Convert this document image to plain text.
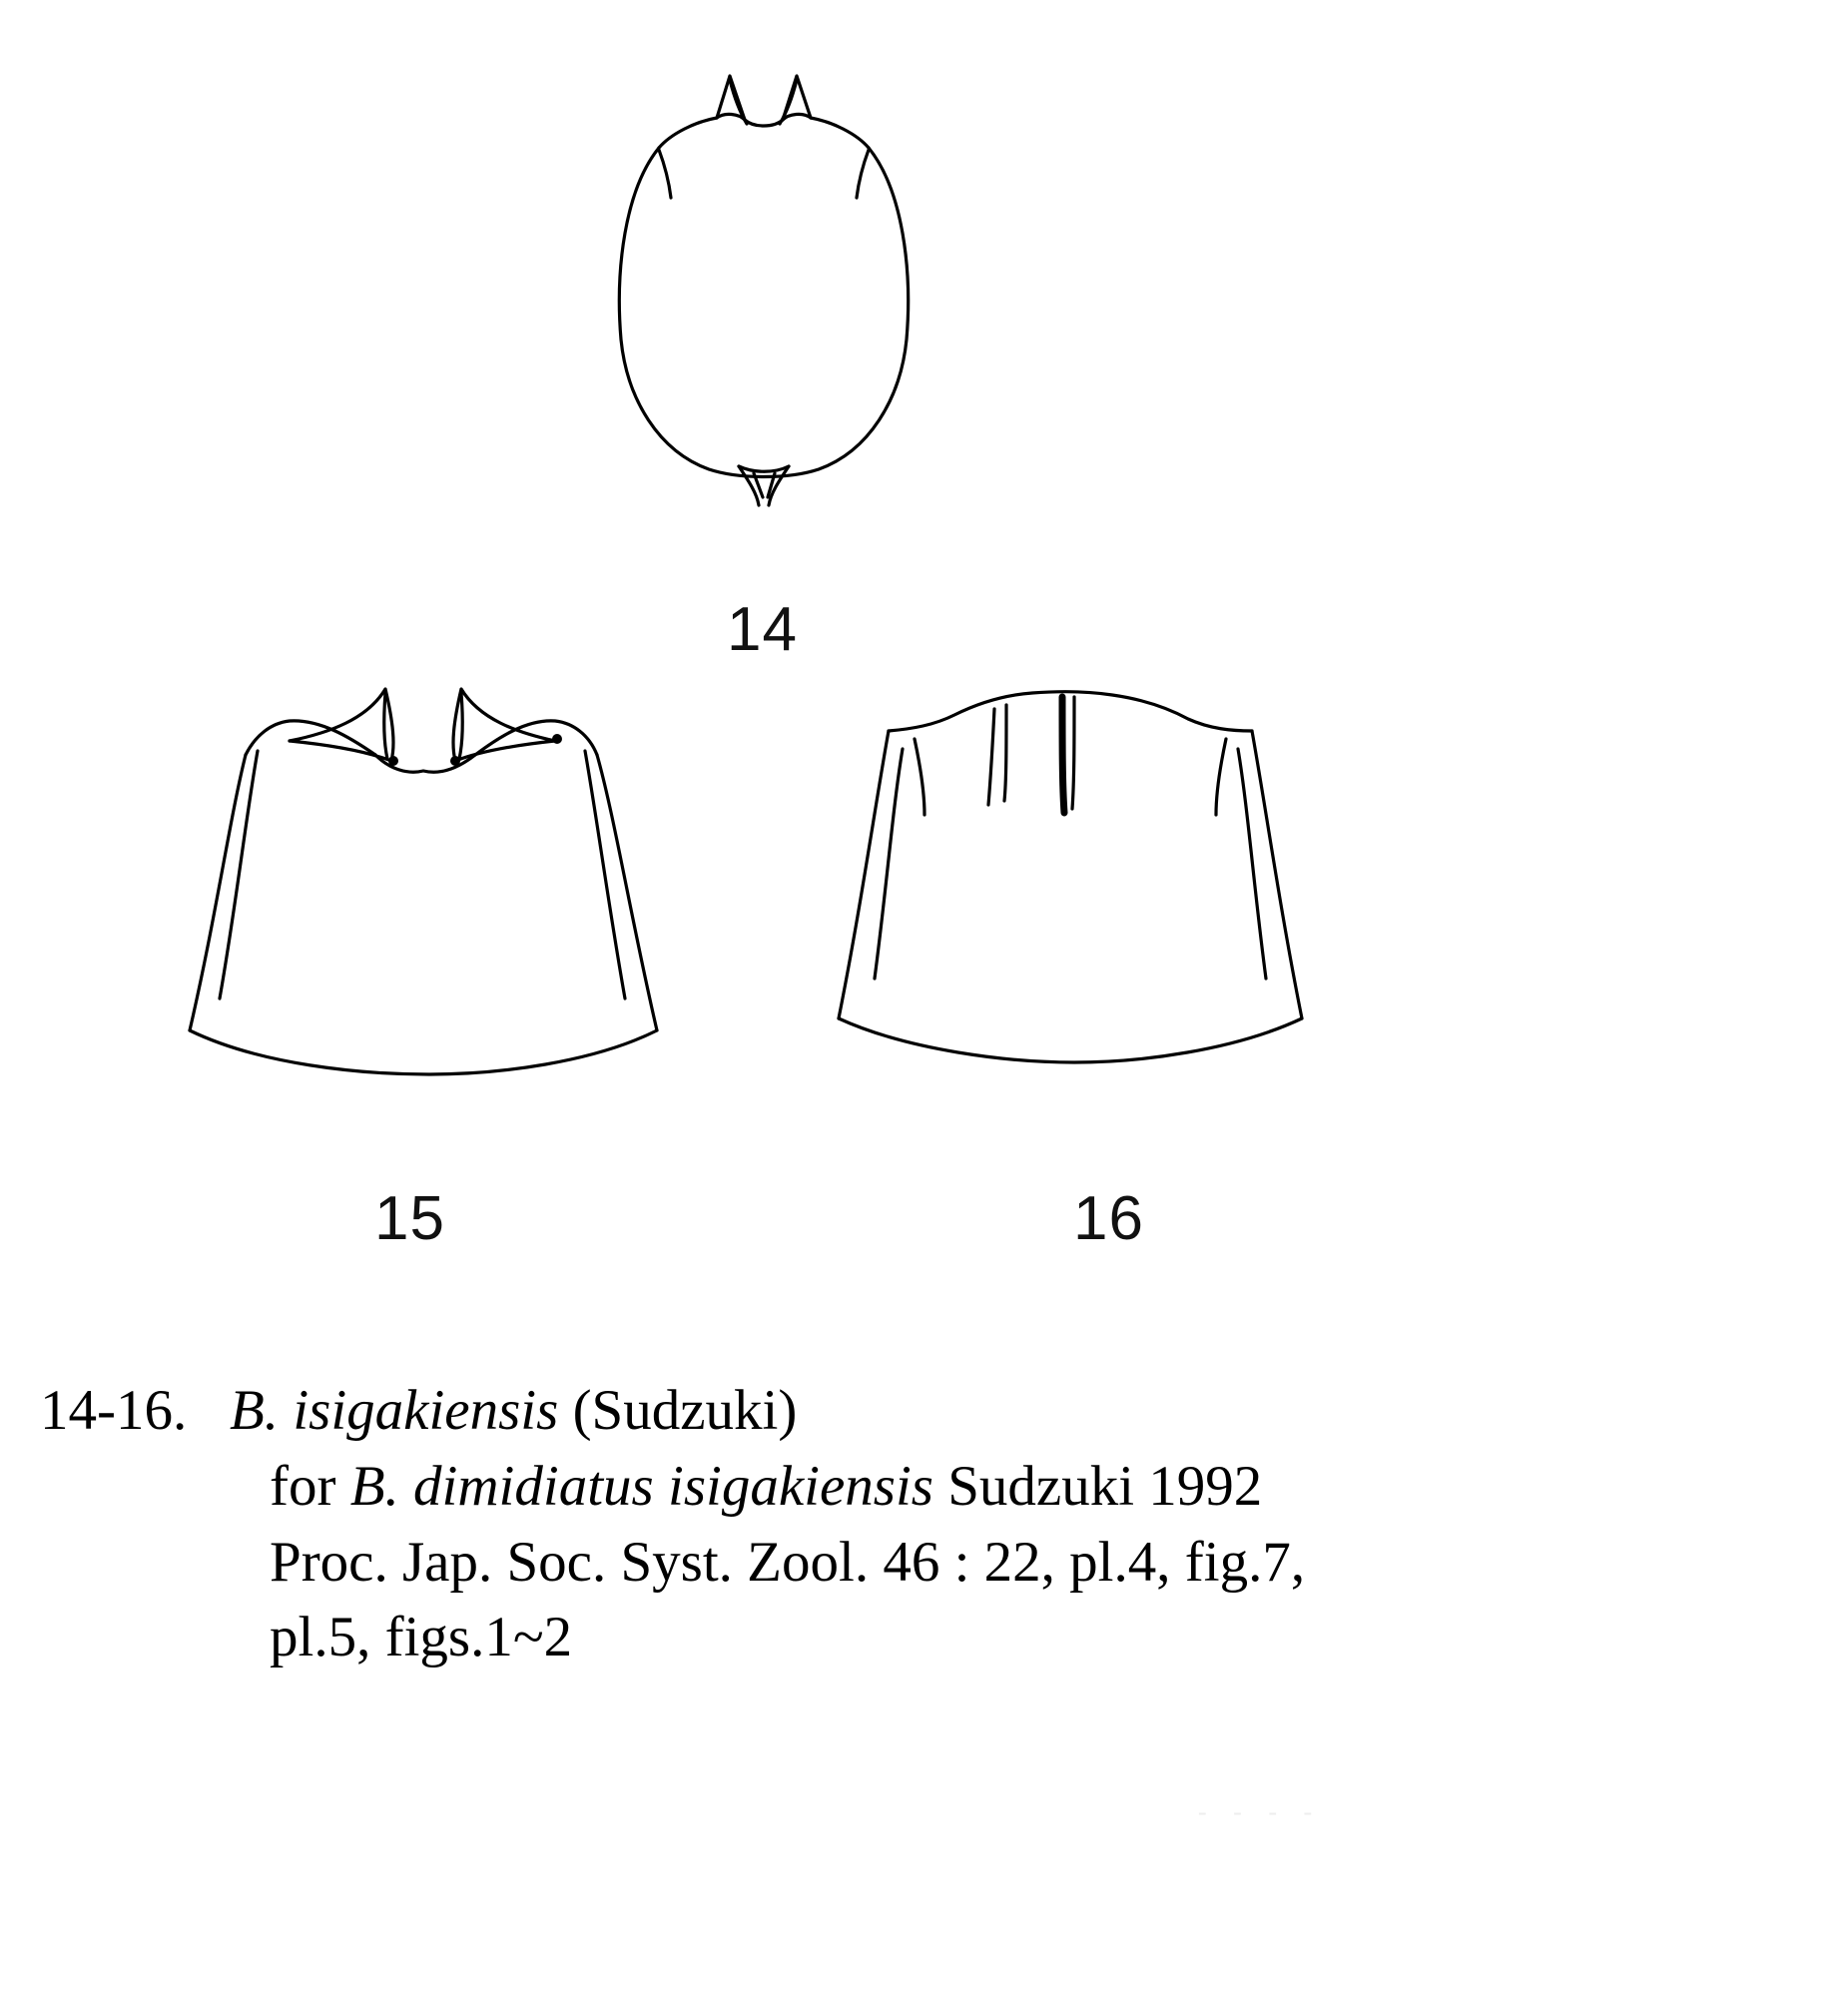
14
15	16
14-16. B. isigakiensis (Sudzuki)
for B. dimidiatus isigakiensis Sudzuki 1992
Proc. Jap. Soc. Syst. Zool. 46 : 22, pl.4, fig.7,
pl.5, figs.1~2
- - - -
